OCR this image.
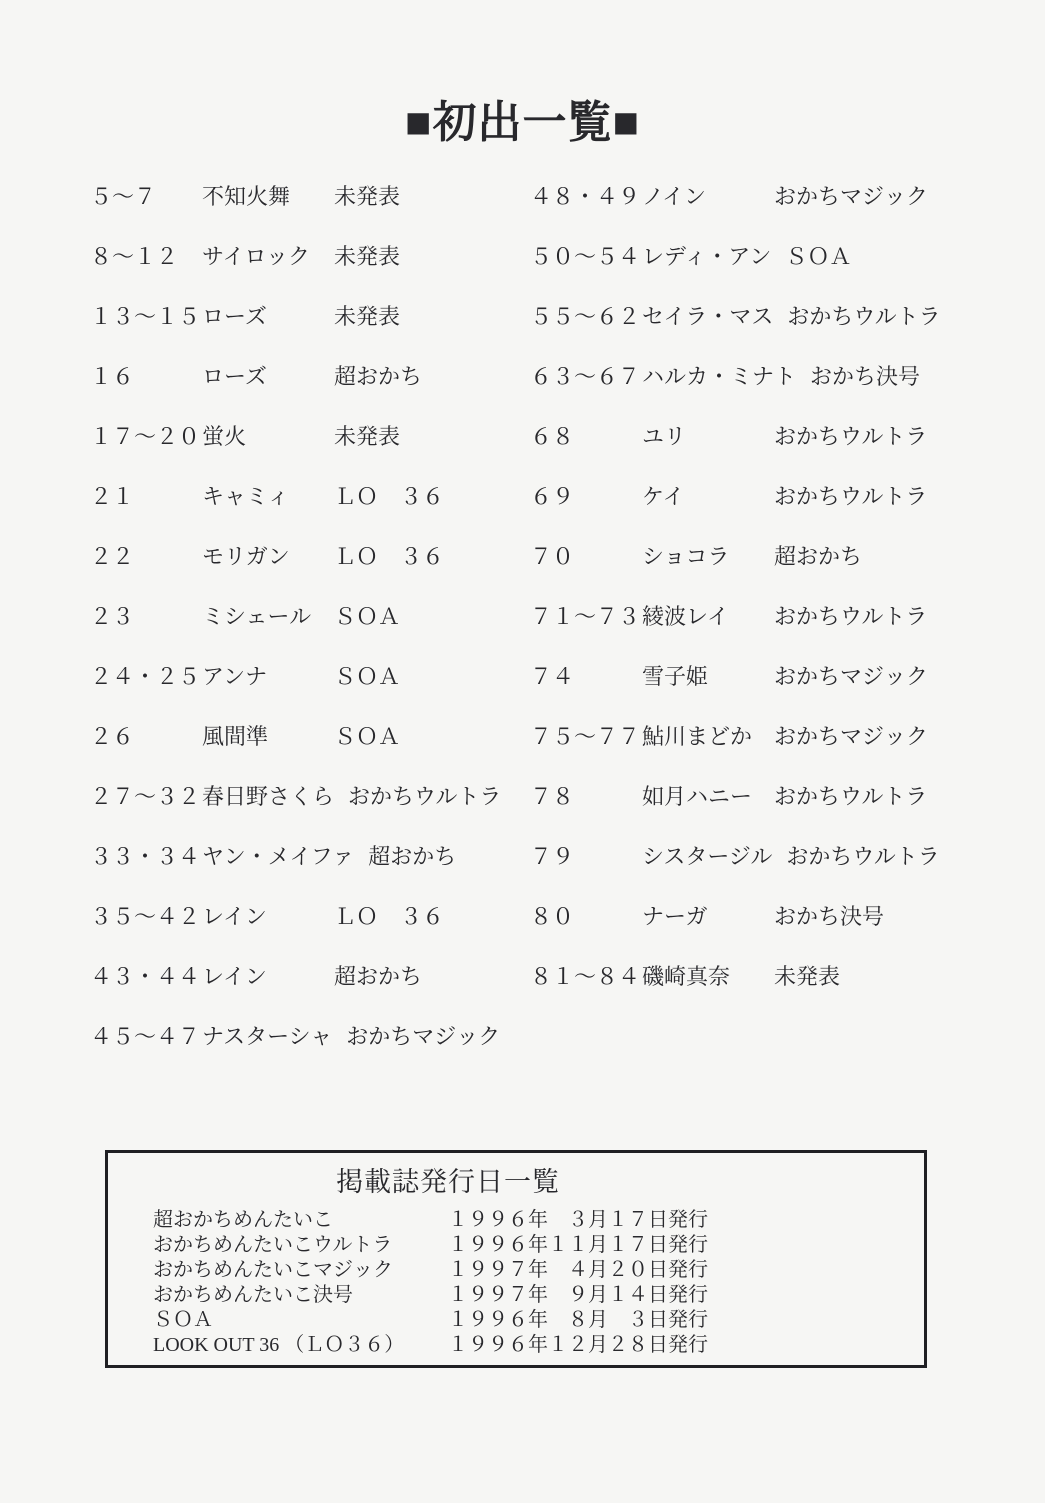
■初出一覧■
５～７	不知火舞	未発表
８～１２	サイロック	未発表
１３～１５ ローズ	未発表
１６	ローズ	超おかち
１７～２０ 蛍火	未発表
２１	キャミィ	ＬＯ　３６
２２	モリガン	ＬＯ　３６
２３	ミシェール	ＳＯＡ
２４・２５ アンナ	ＳＯＡ
２６	風間準	ＳＯＡ
２７～３２ 春日野さくら おかちウルトラ
３３・３４ ヤン・メイファ 超おかち
３５～４２ レイン	ＬＯ　３６
４３・４４ レイン	超おかち
４５～４７ ナスターシャ おかちマジック
４８・４９ ノイン	おかちマジック
５０～５４ レディ・アン ＳＯＡ
５５～６２ セイラ・マス おかちウルトラ
６３～６７ ハルカ・ミナト おかち決号
６８	ユリ	おかちウルトラ
６９	ケイ	おかちウルトラ
７０	ショコラ	超おかち
７１～７３ 綾波レイ	おかちウルトラ
７４	雪子姫	おかちマジック
７５～７７ 鮎川まどか おかちマジック
７８	如月ハニー おかちウルトラ
７９	シスタージル おかちウルトラ
８０	ナーガ	おかち決号
８１～８４ 磯崎真奈	未発表
掲載誌発行日一覧
超おかちめんたいこ	１９９６年　３月１７日発行
おかちめんたいこウルトラ	１９９６年１１月１７日発行
おかちめんたいこマジック	１９９７年　４月２０日発行
おかちめんたいこ決号	１９９７年　９月１４日発行
ＳＯＡ	１９９６年　８月　３日発行
LOOK OUT 36 （ＬＯ３６）	１９９６年１２月２８日発行
